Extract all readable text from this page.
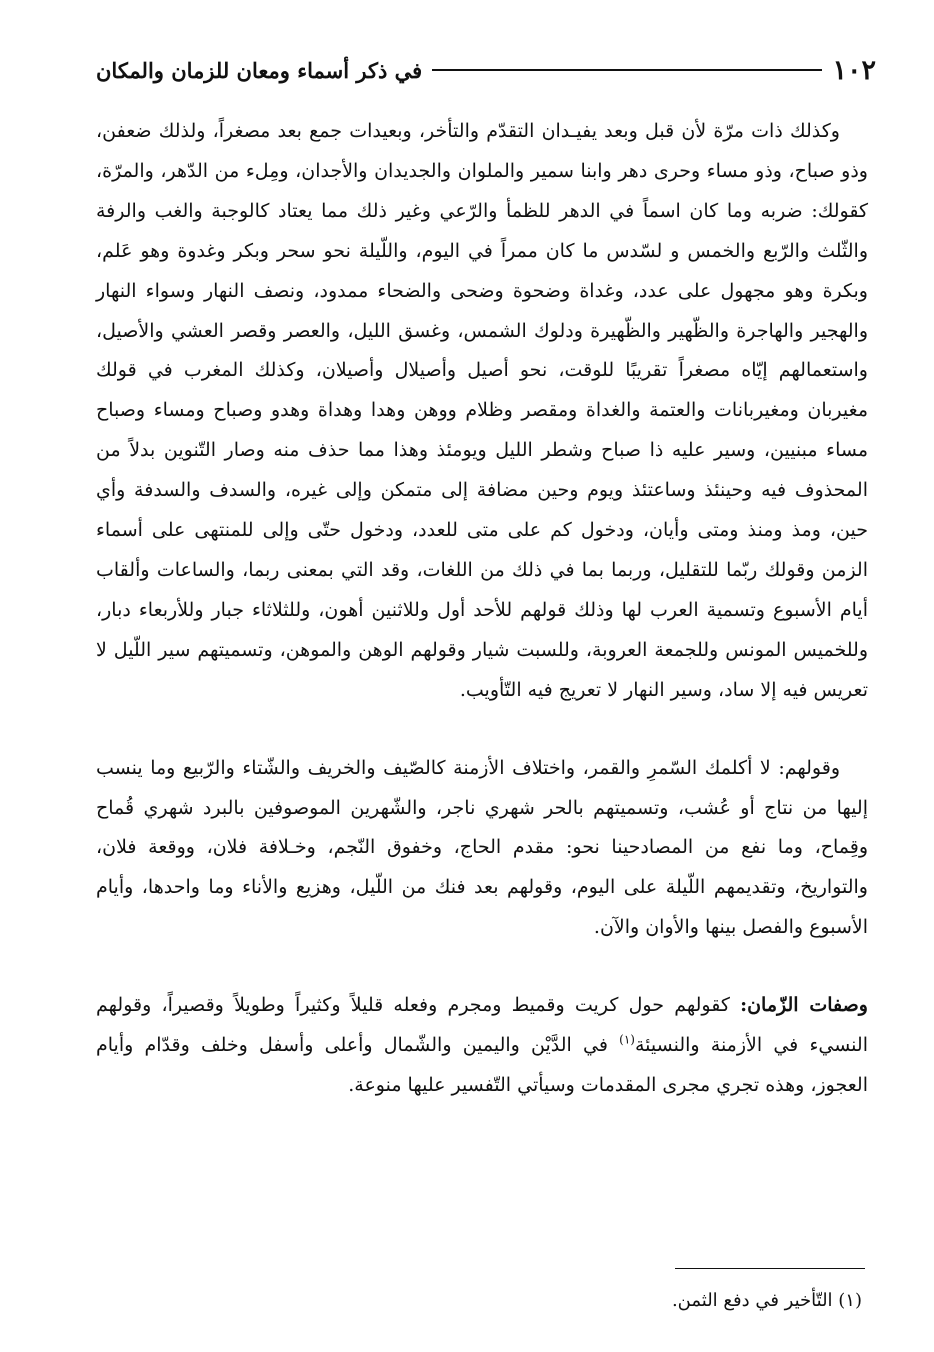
١٠٢
في ذكر أسماء ومعان للزمان والمكان

وكذلك ذات مرّة لأن قبل وبعد يفيـدان التقدّم والتأخر، وبعيدات جمع بعد مصغراً، ولذلك ضعفن، وذو صباح، وذو مساء وحرى دهر وابنا سمير والملوان والجديدان والأجدان، ومِلء من الدّهر، والمرّة، كقولك: ضربه وما كان اسماً في الدهر للظمأ والرّعي وغير ذلك مما يعتاد كالوجبة والغب والرفة والثّلث والرّبع والخمس و لسّدس ما كان ممراً في اليوم، واللّيلة نحو سحر وبكر وغدوة وهو عَلم، وبكرة وهو مجهول على عدد، وغداة وضحوة وضحى والضحاء ممدود، ونصف النهار وسواء النهار والهجير والهاجرة والظّهير والظّهيرة ودلوك الشمس، وغسق الليل، والعصر وقصر العشي والأصيل، واستعمالهم إيّاه مصغراً تقريبًا للوقت، نحو أصيل وأصيلال وأصيلان، وكذلك المغرب في قولك مغيربان ومغيربانات والعتمة والغداة ومقصر وظلام ووهن وهدا وهداة وهدو وصباح ومساء وصباح مساء مبنيين، وسير عليه ذا صباح وشطر الليل ويومئذ وهذا مما حذف منه وصار التّنوين بدلاً من المحذوف فيه وحينئذ وساعتئذ ويوم وحين مضافة إلى متمكن وإلى غيره، والسدف والسدفة وأي حين، ومذ ومنذ ومتى وأيان، ودخول كم على متى للعدد، ودخول حتّى وإلى للمنتهى على أسماء الزمن وقولك ربّما للتقليل، وربما بما في ذلك من اللغات، وقد التي بمعنى ربما، والساعات وألقاب أيام الأسبوع وتسمية العرب لها وذلك قولهم للأحد أول وللاثنين أهون، وللثلاثاء جبار وللأربعاء دبار، وللخميس المونس وللجمعة العروبة، وللسبت شيار وقولهم الوهن والموهن، وتسميتهم سير اللّيل لا تعريس فيه إلا ساد، وسير النهار لا تعريج فيه التّأويب.

وقولهم: لا أكلمك السّمرِ والقمر، واختلاف الأزمنة كالصّيف والخريف والشّتاء والرّبيع وما ينسب إليها من نتاج أو عُشب، وتسميتهم بالحر شهري ناجر، والشّهرين الموصوفين بالبرد شهري قُماح وقِماح، وما نفع من المصادحينا نحو: مقدم الحاج، وخفوق النّجم، وخـلافة فلان، ووقعة فلان، والتواريخ، وتقديمهم اللّيلة على اليوم، وقولهم بعد فنك من اللّيل، وهزيع والأناء وما واحدها، وأيام الأسبوع والفصل بينها والأوان والآن.

وصفات الزّمان: كقولهم حول كريت وقميط ومجرم وفعله قليلاً وكثيراً وطويلاً وقصيراً، وقولهم النسيء في الأزمنة والنسيئة$^{(١)}$ في الدَّيْن واليمين والشّمال وأعلى وأسفل وخلف وقدّام وأيام العجوز، وهذه تجري مجرى المقدمات وسيأتي التّفسير عليها منوعة.

(١) التّأخير في دفع الثمن.
